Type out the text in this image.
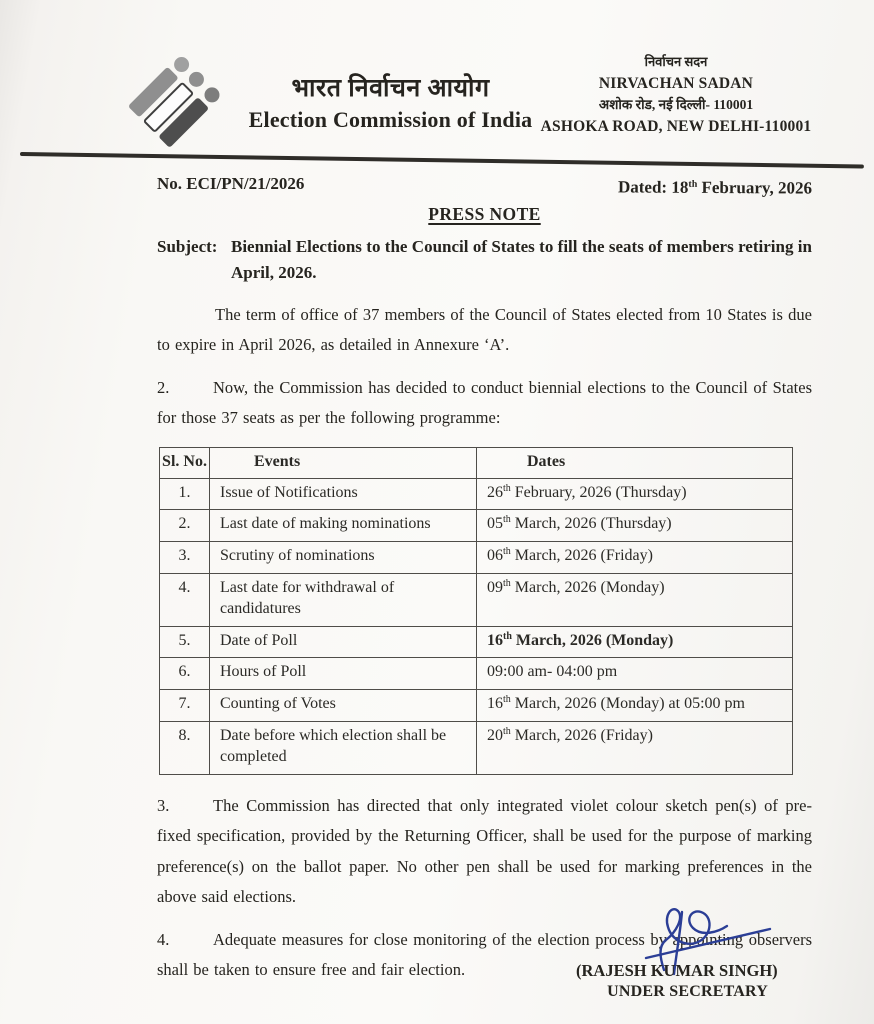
भारत निर्वाचन आयोग
Election Commission of India
निर्वाचन सदन
NIRVACHAN SADAN
अशोक रोड, नई दिल्ली- 110001
ASHOKA ROAD, NEW DELHI-110001
No. ECI/PN/21/2026	Dated: 18th February, 2026
PRESS NOTE
Subject: Biennial Elections to the Council of States to fill the seats of members retiring in April, 2026.

The term of office of 37 members of the Council of States elected from 10 States is due to expire in April 2026, as detailed in Annexure ‘A’.

2.	Now, the Commission has decided to conduct biennial elections to the Council of States for those 37 seats as per the following programme:

Sl. No.	Events	Dates
1.	Issue of Notifications	26th February, 2026 (Thursday)
2.	Last date of making nominations	05th March, 2026 (Thursday)
3.	Scrutiny of nominations	06th March, 2026 (Friday)
4.	Last date for withdrawal of candidatures	09th March, 2026 (Monday)
5.	Date of Poll	16th March, 2026 (Monday)
6.	Hours of Poll	09:00 am- 04:00 pm
7.	Counting of Votes	16th March, 2026 (Monday) at 05:00 pm
8.	Date before which election shall be completed	20th March, 2026 (Friday)

3.	The Commission has directed that only integrated violet colour sketch pen(s) of pre-fixed specification, provided by the Returning Officer, shall be used for the purpose of marking preference(s) on the ballot paper. No other pen shall be used for marking preferences in the above said elections.

4.	Adequate measures for close monitoring of the election process by appointing observers shall be taken to ensure free and fair election.	(RAJESH KUMAR SINGH)
UNDER SECRETARY
